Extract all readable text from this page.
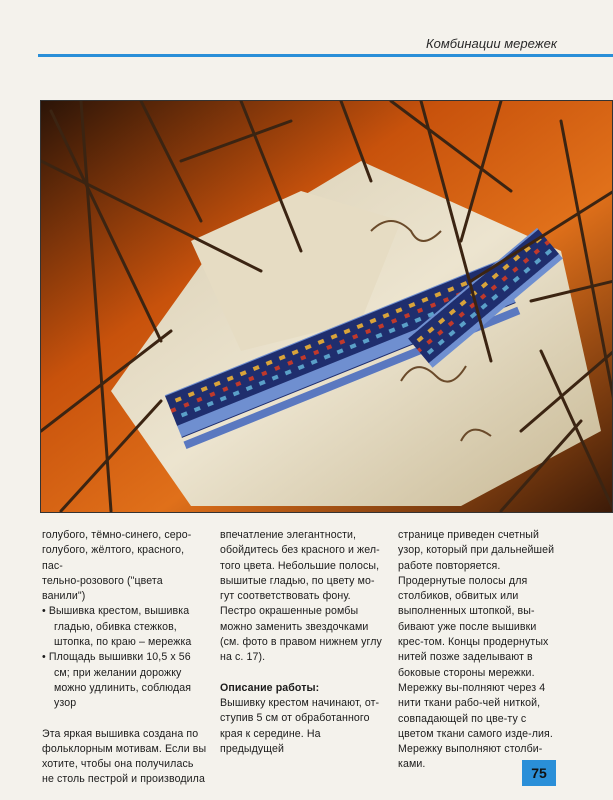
Комбинации мережек

голубого, тёмно-синего, серо-

голубого, жёлтого, красного, пас-

тельно-розового ("цвета ванили")

• Вышивка крестом, вышивка гладью, обивка стежков, штопка, по краю – мережка

• Площадь вышивки 10,5 x 56 см; при желании дорожку можно удлинить, соблюдая узор

Эта яркая вышивка создана по фольклорным мотивам. Если вы хотите, чтобы она получилась не столь пестрой и производила

впечатление элегантности, обойдитесь без красного и жел-того цвета. Небольшие полосы, вышитые гладью, по цвету мо-гут соответствовать фону. Пестро окрашенные ромбы можно заменить звездочками (см. фото в правом нижнем углу на с. 17).

Описание работы:

Вышивку крестом начинают, от-ступив 5 см от обработанного края к середине. На предыдущей

странице приведен счетный узор, который при дальнейшей работе повторяется. Продернутые полосы для столбиков, обвитых или выполненных штопкой, вы-бивают уже после вышивки крес-том. Концы продернутых нитей позже заделывают в боковые стороны мережки. Мережку вы-полняют через 4 нити ткани рабо-чей ниткой, совпадающей по цве-ту с цветом ткани самого изде-лия. Мережку выполняют столби-ками.

75
